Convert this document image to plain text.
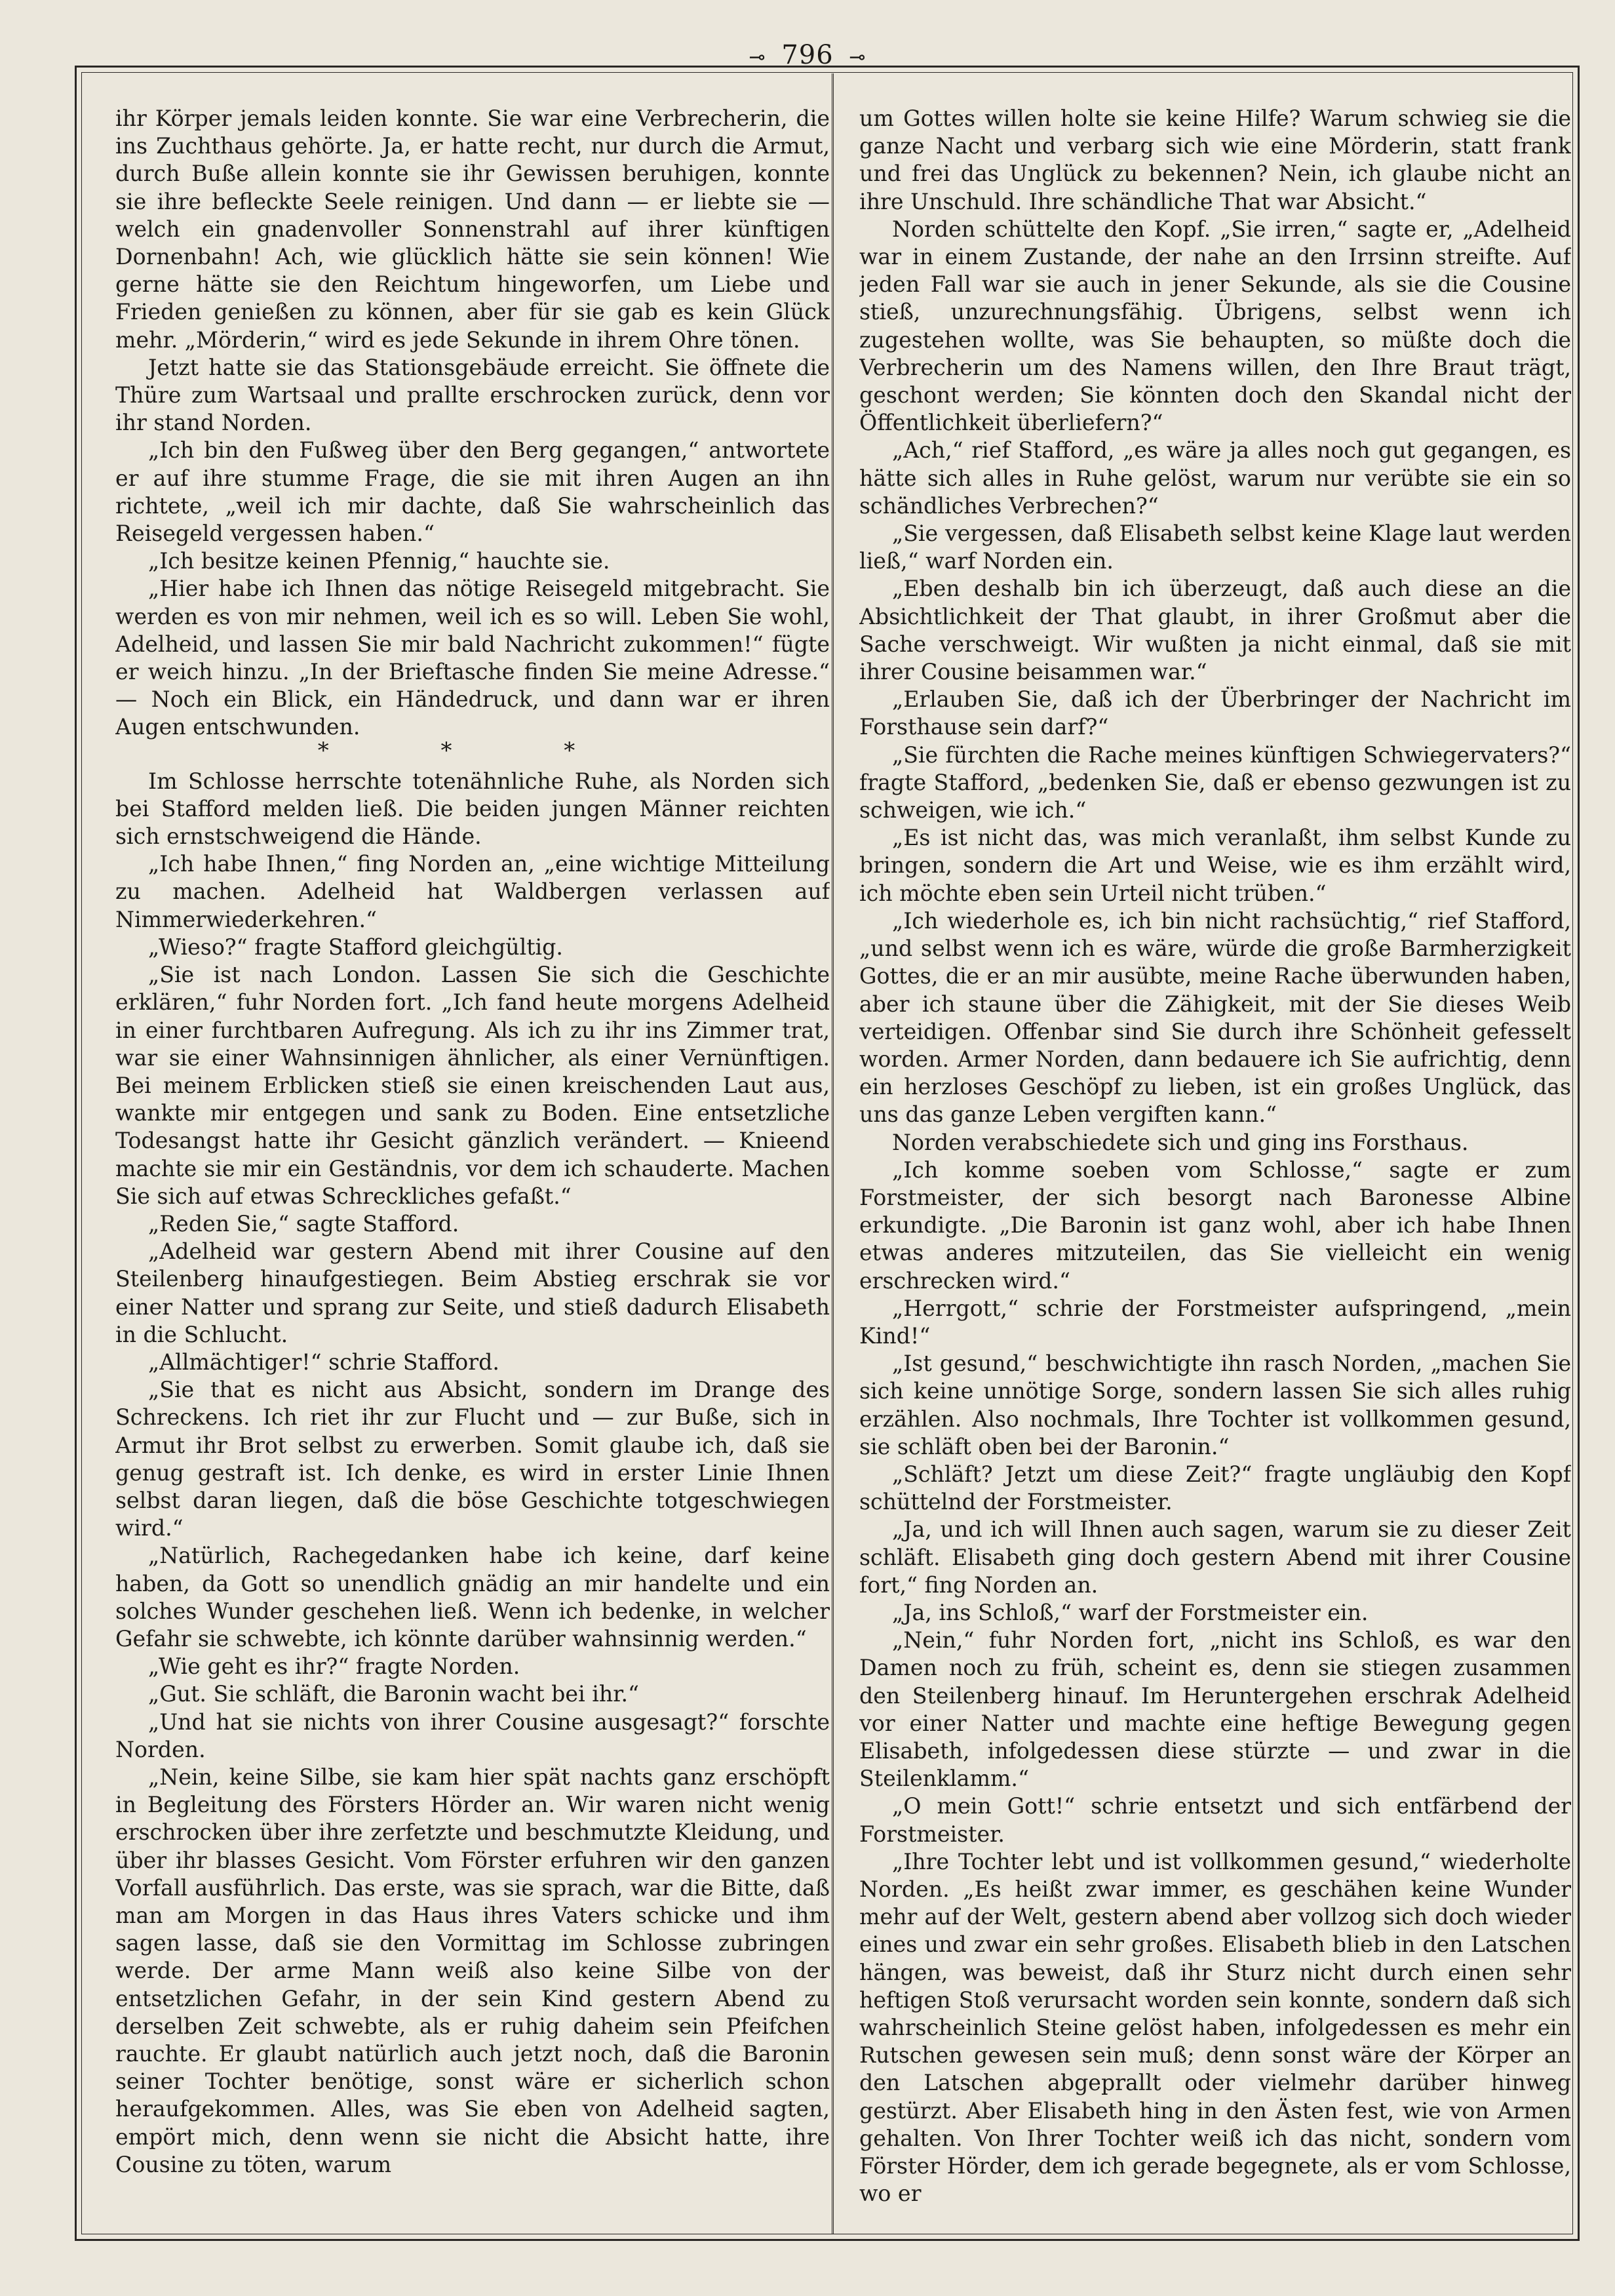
⊸ 796 ⊸

ihr Körper jemals leiden konnte. Sie war eine Verbrecherin, die ins Zuchthaus gehörte. Ja, er hatte recht, nur durch die Armut, durch Buße allein konnte sie ihr Gewissen beruhigen, konnte sie ihre befleckte Seele reinigen. Und dann — er liebte sie — welch ein gnadenvoller Sonnenstrahl auf ihrer künftigen Dornenbahn! Ach, wie glücklich hätte sie sein können! Wie gerne hätte sie den Reichtum hingeworfen, um Liebe und Frieden genießen zu können, aber für sie gab es kein Glück mehr. „Mörderin,“ wird es jede Sekunde in ihrem Ohre tönen.

Jetzt hatte sie das Stationsgebäude erreicht. Sie öffnete die Thüre zum Wartsaal und prallte erschrocken zurück, denn vor ihr stand Norden.

„Ich bin den Fußweg über den Berg gegangen,“ antwortete er auf ihre stumme Frage, die sie mit ihren Augen an ihn richtete, „weil ich mir dachte, daß Sie wahrscheinlich das Reisegeld vergessen haben.“

„Ich besitze keinen Pfennig,“ hauchte sie.

„Hier habe ich Ihnen das nötige Reisegeld mitgebracht. Sie werden es von mir nehmen, weil ich es so will. Leben Sie wohl, Adelheid, und lassen Sie mir bald Nachricht zukommen!“ fügte er weich hinzu. „In der Brieftasche finden Sie meine Adresse.“ — Noch ein Blick, ein Händedruck, und dann war er ihren Augen entschwunden.

* * *

Im Schlosse herrschte totenähnliche Ruhe, als Norden sich bei Stafford melden ließ. Die beiden jungen Männer reichten sich ernstschweigend die Hände.

„Ich habe Ihnen,“ fing Norden an, „eine wichtige Mitteilung zu machen. Adelheid hat Waldbergen verlassen auf Nimmerwiederkehren.“

„Wieso?“ fragte Stafford gleichgültig.

„Sie ist nach London. Lassen Sie sich die Geschichte erklären,“ fuhr Norden fort. „Ich fand heute morgens Adelheid in einer furchtbaren Aufregung. Als ich zu ihr ins Zimmer trat, war sie einer Wahnsinnigen ähnlicher, als einer Vernünftigen. Bei meinem Erblicken stieß sie einen kreischenden Laut aus, wankte mir entgegen und sank zu Boden. Eine entsetzliche Todesangst hatte ihr Gesicht gänzlich verändert. — Knieend machte sie mir ein Geständnis, vor dem ich schauderte. Machen Sie sich auf etwas Schreckliches gefaßt.“

„Reden Sie,“ sagte Stafford.

„Adelheid war gestern Abend mit ihrer Cousine auf den Steilenberg hinaufgestiegen. Beim Abstieg erschrak sie vor einer Natter und sprang zur Seite, und stieß dadurch Elisabeth in die Schlucht.

„Allmächtiger!“ schrie Stafford.

„Sie that es nicht aus Absicht, sondern im Drange des Schreckens. Ich riet ihr zur Flucht und — zur Buße, sich in Armut ihr Brot selbst zu erwerben. Somit glaube ich, daß sie genug gestraft ist. Ich denke, es wird in erster Linie Ihnen selbst daran liegen, daß die böse Geschichte totgeschwiegen wird.“

„Natürlich, Rachegedanken habe ich keine, darf keine haben, da Gott so unendlich gnädig an mir handelte und ein solches Wunder geschehen ließ. Wenn ich bedenke, in welcher Gefahr sie schwebte, ich könnte darüber wahnsinnig werden.“

„Wie geht es ihr?“ fragte Norden.

„Gut. Sie schläft, die Baronin wacht bei ihr.“

„Und hat sie nichts von ihrer Cousine ausgesagt?“ forschte Norden.

„Nein, keine Silbe, sie kam hier spät nachts ganz erschöpft in Begleitung des Försters Hörder an. Wir waren nicht wenig erschrocken über ihre zerfetzte und beschmutzte Kleidung, und über ihr blasses Gesicht. Vom Förster erfuhren wir den ganzen Vorfall ausführlich. Das erste, was sie sprach, war die Bitte, daß man am Morgen in das Haus ihres Vaters schicke und ihm sagen lasse, daß sie den Vormittag im Schlosse zubringen werde. Der arme Mann weiß also keine Silbe von der entsetzlichen Gefahr, in der sein Kind gestern Abend zu derselben Zeit schwebte, als er ruhig daheim sein Pfeifchen rauchte. Er glaubt natürlich auch jetzt noch, daß die Baronin seiner Tochter benötige, sonst wäre er sicherlich schon heraufgekommen. Alles, was Sie eben von Adelheid sagten, empört mich, denn wenn sie nicht die Absicht hatte, ihre Cousine zu töten, warum

um Gottes willen holte sie keine Hilfe? Warum schwieg sie die ganze Nacht und verbarg sich wie eine Mörderin, statt frank und frei das Unglück zu bekennen? Nein, ich glaube nicht an ihre Unschuld. Ihre schändliche That war Absicht.“

Norden schüttelte den Kopf. „Sie irren,“ sagte er, „Adelheid war in einem Zustande, der nahe an den Irrsinn streifte. Auf jeden Fall war sie auch in jener Sekunde, als sie die Cousine stieß, unzurechnungsfähig. Übrigens, selbst wenn ich zugestehen wollte, was Sie behaupten, so müßte doch die Verbrecherin um des Namens willen, den Ihre Braut trägt, geschont werden; Sie könnten doch den Skandal nicht der Öffentlichkeit überliefern?“

„Ach,“ rief Stafford, „es wäre ja alles noch gut gegangen, es hätte sich alles in Ruhe gelöst, warum nur verübte sie ein so schändliches Verbrechen?“

„Sie vergessen, daß Elisabeth selbst keine Klage laut werden ließ,“ warf Norden ein.

„Eben deshalb bin ich überzeugt, daß auch diese an die Absichtlichkeit der That glaubt, in ihrer Großmut aber die Sache verschweigt. Wir wußten ja nicht einmal, daß sie mit ihrer Cousine beisammen war.“

„Erlauben Sie, daß ich der Überbringer der Nachricht im Forsthause sein darf?“

„Sie fürchten die Rache meines künftigen Schwiegervaters?“ fragte Stafford, „bedenken Sie, daß er ebenso gezwungen ist zu schweigen, wie ich.“

„Es ist nicht das, was mich veranlaßt, ihm selbst Kunde zu bringen, sondern die Art und Weise, wie es ihm erzählt wird, ich möchte eben sein Urteil nicht trüben.“

„Ich wiederhole es, ich bin nicht rachsüchtig,“ rief Stafford, „und selbst wenn ich es wäre, würde die große Barmherzigkeit Gottes, die er an mir ausübte, meine Rache überwunden haben, aber ich staune über die Zähigkeit, mit der Sie dieses Weib verteidigen. Offenbar sind Sie durch ihre Schönheit gefesselt worden. Armer Norden, dann bedauere ich Sie aufrichtig, denn ein herzloses Geschöpf zu lieben, ist ein großes Unglück, das uns das ganze Leben vergiften kann.“

Norden verabschiedete sich und ging ins Forsthaus.

„Ich komme soeben vom Schlosse,“ sagte er zum Forstmeister, der sich besorgt nach Baronesse Albine erkundigte. „Die Baronin ist ganz wohl, aber ich habe Ihnen etwas anderes mitzuteilen, das Sie vielleicht ein wenig erschrecken wird.“

„Herrgott,“ schrie der Forstmeister aufspringend, „mein Kind!“

„Ist gesund,“ beschwichtigte ihn rasch Norden, „machen Sie sich keine unnötige Sorge, sondern lassen Sie sich alles ruhig erzählen. Also nochmals, Ihre Tochter ist vollkommen gesund, sie schläft oben bei der Baronin.“

„Schläft? Jetzt um diese Zeit?“ fragte ungläubig den Kopf schüttelnd der Forstmeister.

„Ja, und ich will Ihnen auch sagen, warum sie zu dieser Zeit schläft. Elisabeth ging doch gestern Abend mit ihrer Cousine fort,“ fing Norden an.

„Ja, ins Schloß,“ warf der Forstmeister ein.

„Nein,“ fuhr Norden fort, „nicht ins Schloß, es war den Damen noch zu früh, scheint es, denn sie stiegen zusammen den Steilenberg hinauf. Im Heruntergehen erschrak Adelheid vor einer Natter und machte eine heftige Bewegung gegen Elisabeth, infolgedessen diese stürzte — und zwar in die Steilenklamm.“

„O mein Gott!“ schrie entsetzt und sich entfärbend der Forstmeister.

„Ihre Tochter lebt und ist vollkommen gesund,“ wiederholte Norden. „Es heißt zwar immer, es geschähen keine Wunder mehr auf der Welt, gestern abend aber vollzog sich doch wieder eines und zwar ein sehr großes. Elisabeth blieb in den Latschen hängen, was beweist, daß ihr Sturz nicht durch einen sehr heftigen Stoß verursacht worden sein konnte, sondern daß sich wahrscheinlich Steine gelöst haben, infolgedessen es mehr ein Rutschen gewesen sein muß; denn sonst wäre der Körper an den Latschen abgeprallt oder vielmehr darüber hinweg gestürzt. Aber Elisabeth hing in den Ästen fest, wie von Armen gehalten. Von Ihrer Tochter weiß ich das nicht, sondern vom Förster Hörder, dem ich gerade begegnete, als er vom Schlosse, wo er
